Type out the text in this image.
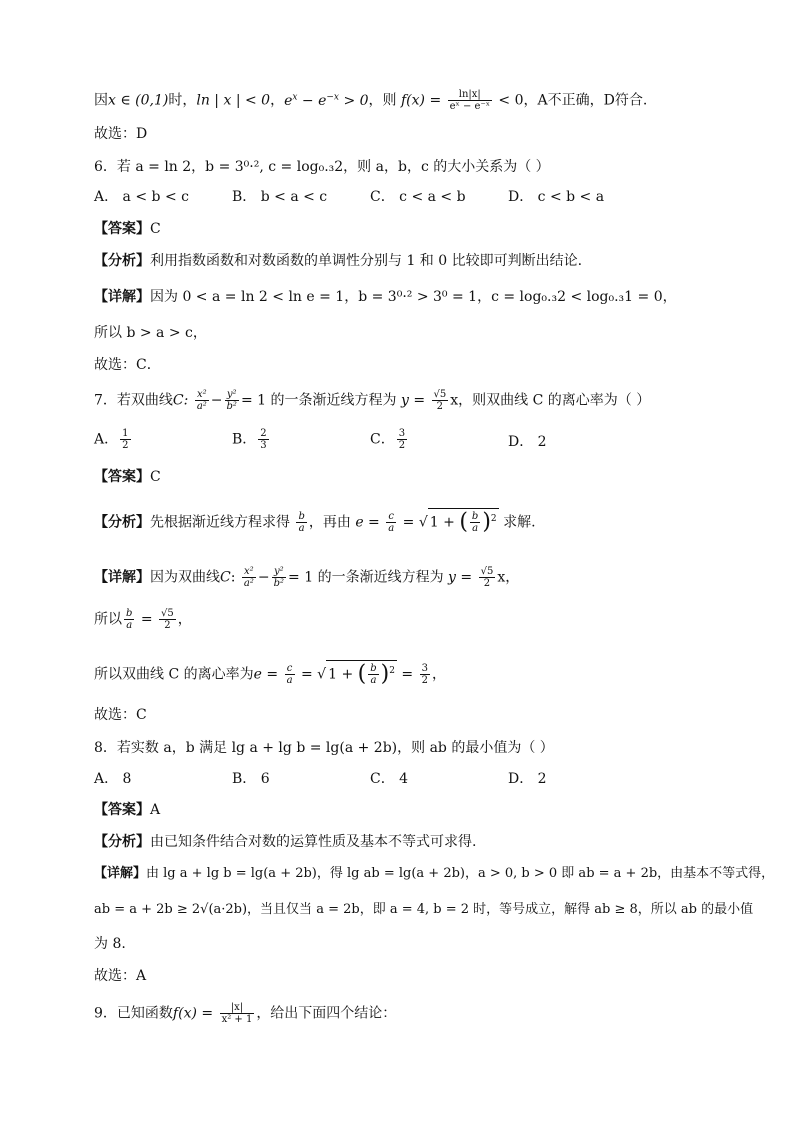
因x ∈ (0,1)时，ln | x | < 0，$e^x - e^{-x} > 0$，则 $f(x) = \frac{\ln|x|}{\text{eˣ − e⁻ˣ}} < 0$，A不正确，D符合.
故选：D
6．若 a = ln 2，b = 3⁰·², c = log₀.₃2，则 a，b，c 的大小关系为（ ）
A． a < b < c	B． b < a < c	C． c < a < b	D． c < b < a
【答案】C
【分析】利用指数函数和对数函数的单调性分别与 1 和 0 比较即可判断出结论.
【详解】因为 0 < a = ln 2 < ln e = 1，b = 3⁰·² > 3⁰ = 1，c = log₀.₃2 < log₀.₃1 = 0，
所以 b > a > c，
故选：C．
7．若双曲线C: $\frac{\text{x²}}{\text{a²}} - \frac{\text{y²}}{\text{b²}} = 1$ 的一条渐近线方程为 $y = \frac{√5}{2}$ x，则双曲线 C 的离心率为（ ）
A． $\frac{1}{2}$	B． $\frac{2}{3}$	C． $\frac{3}{2}$	D． 2
【答案】C
【分析】先根据渐近线方程求得 $\frac{b}{a}$ ，再由 $e = \frac{c}{a}$ = √ 1 + ( $\frac{b}{a} )^2$ 求解.
【详解】因为双曲线C: $\frac{\text{x²}}{\text{a²}} - \frac{\text{y²}}{\text{b²}} = 1$ 的一条渐近线方程为 $y = \frac{√5}{2}$ x，
所以 $\frac{b}{a} = \frac{√5}{2}$ ，
所以双曲线 C 的离心率为$e = \frac{c}{a}$ = √ 1 + ( $\frac{b}{a} )^2 = \frac{3}{2}$ ，
故选：C
8．若实数 a，b 满足 lg a + lg b = lg(a + 2b)，则 ab 的最小值为（ ）
A． 8	B． 6	C． 4	D． 2
【答案】A
【分析】由已知条件结合对数的运算性质及基本不等式可求得.
【详解】由 lg a + lg b = lg(a + 2b)，得 lg ab = lg(a + 2b)，a > 0, b > 0 即 ab = a + 2b，由基本不等式得，
ab = a + 2b ≥ 2√(a·2b)，当且仅当 a = 2b，即 a = 4, b = 2 时，等号成立，解得 ab ≥ 8，所以 ab 的最小值
为 8.
故选：A
9．已知函数$f(x) = \frac{|x|}{\text{x² + 1}}$ ，给出下面四个结论：
